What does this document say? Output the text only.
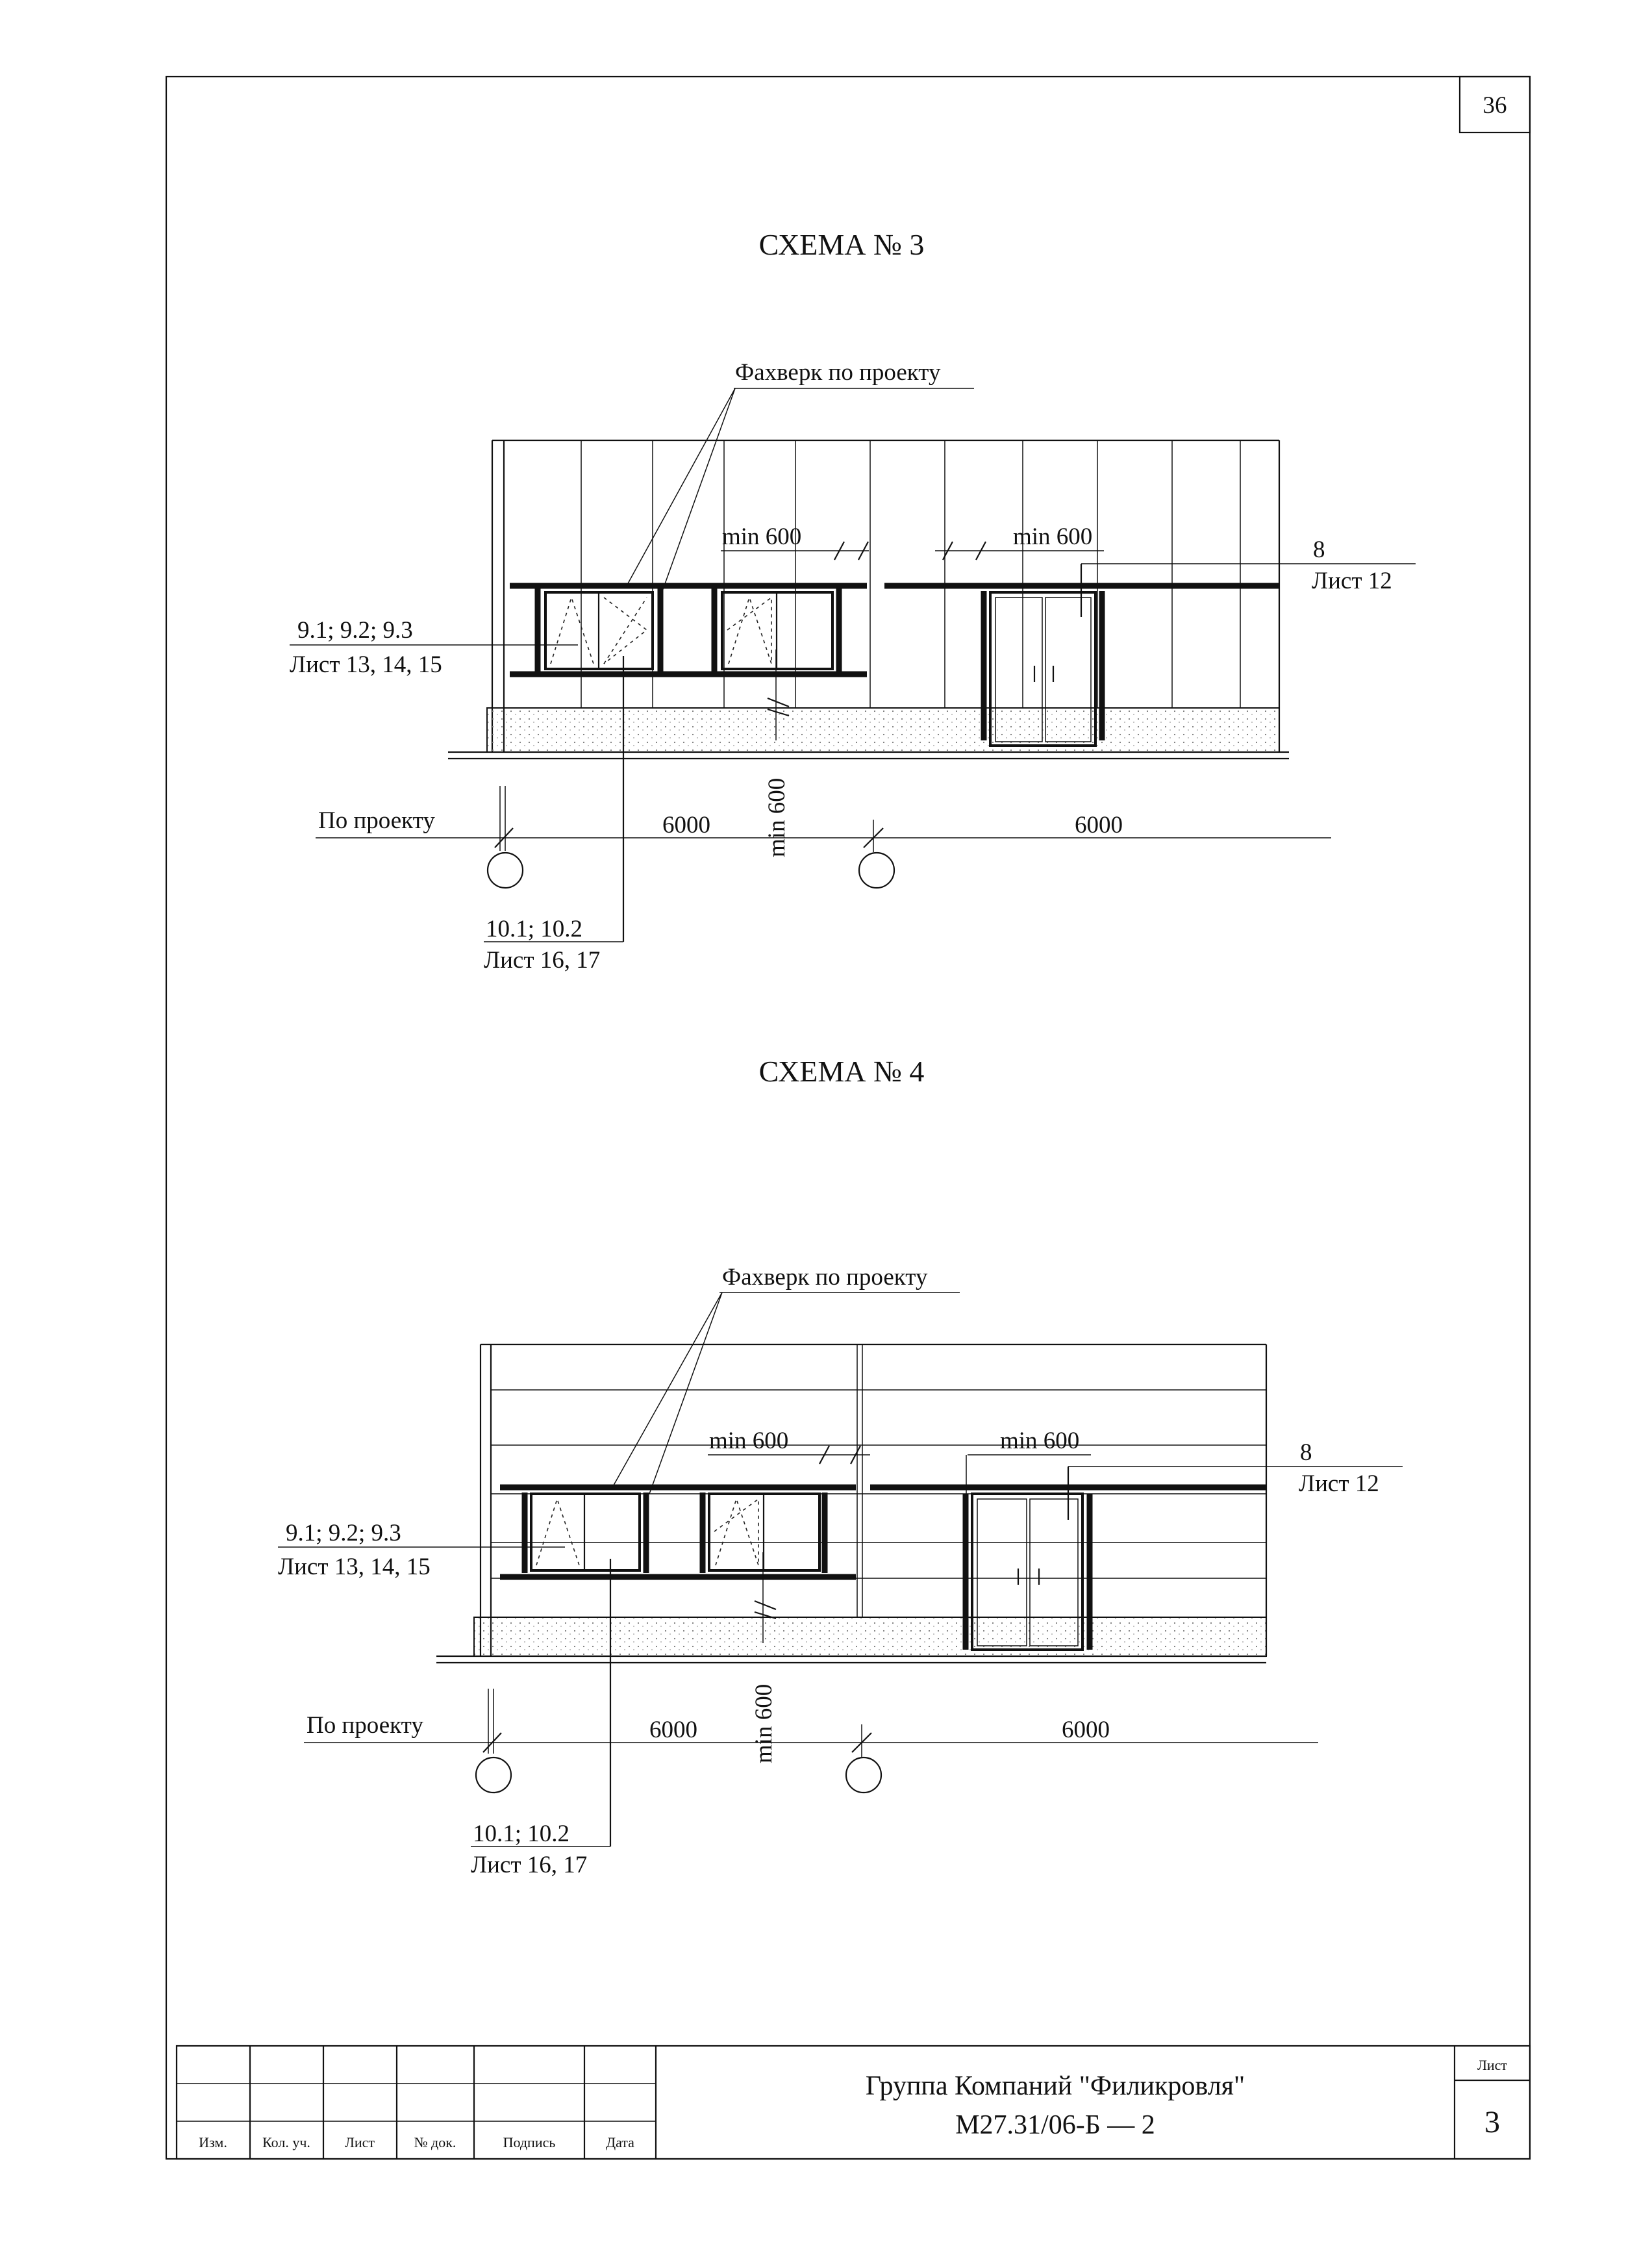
36
СХЕМА № 3
Фахверк по проекту
min 600	min 600	8
Лист 12
9.1; 9.2; 9.3
Лист 13, 14, 15
min 600
10.1; 10.2
Лист 16, 17
По проекту	6000	6000
СХЕМА № 4
Фахверк по проекту
min 600	min 600	8
Лист 12
9.1; 9.2; 9.3
Лист 13, 14, 15
min 600
10.1; 10.2
Лист 16, 17
По проекту	6000	6000
Изм. Кол. уч. Лист	№ док.	Подпись	Дата
Группа Компаний "Филикровля"
М27.31/06-Б — 2
Лист
3
